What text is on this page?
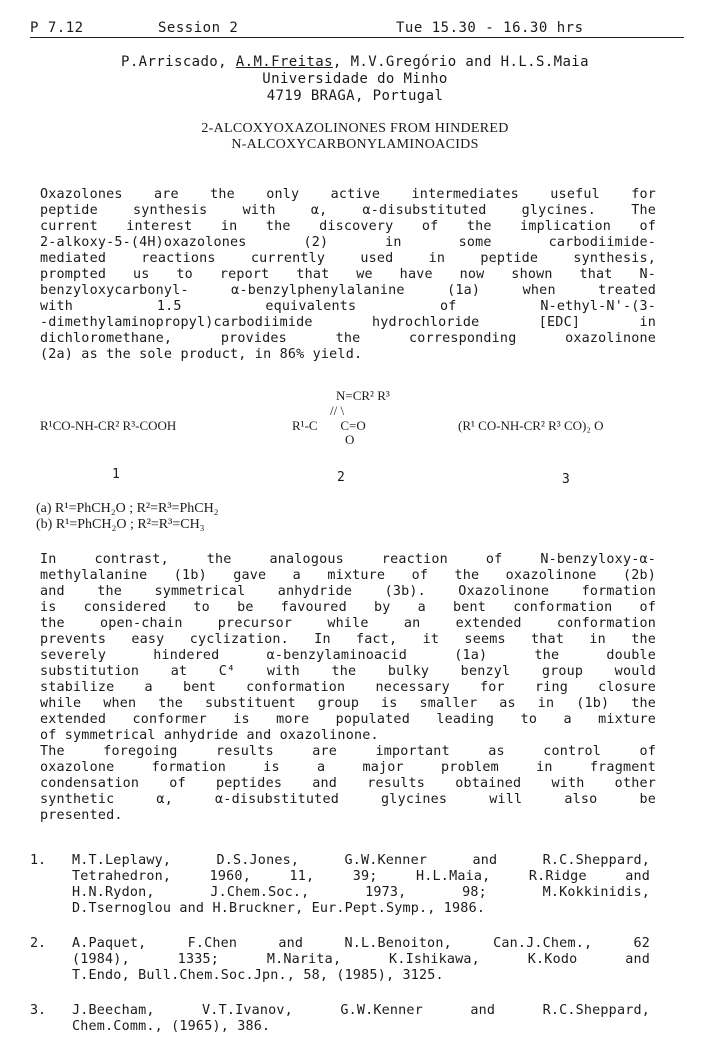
P 7.12	Session 2	Tue 15.30 - 16.30 hrs
P.Arriscado, A.M.Freitas, M.V.Gregório and H.L.S.Maia
Universidade do Minho
4719 BRAGA, Portugal
2-ALCOXYOXAZOLINONES FROM HINDERED
N-ALCOXYCARBONYLAMINOACIDS
Oxazolones are the only active intermediates useful for
peptide synthesis with α, α-disubstituted glycines. The
current interest in the discovery of the implication of
2-alkoxy-5-(4H)oxazolones (2) in some carbodiimide-
mediated reactions currently used in peptide synthesis,
prompted us to report that we have now shown that N-
benzyloxycarbonyl- α-benzylphenylalanine (1a) when treated
with 1.5 equivalents of N-ethyl-N'-(3-
-dimethylaminopropyl)carbodiimide hydrochloride [EDC] in
dichloromethane, provides the corresponding oxazolinone
(2a) as the sole product, in 86% yield.
R¹CO-NH-CR² R³-COOH
N=CR² R³
// \
R¹-C       C=O
O
(R¹ CO-NH-CR² R³ CO)₂ O
1	2	3
(a) R¹=PhCH₂O ; R²=R³=PhCH₂
(b) R¹=PhCH₂O ; R²=R³=CH₃
In contrast, the analogous reaction of N-benzyloxy-α-
methylalanine (1b) gave a mixture of the oxazolinone (2b)
and the symmetrical anhydride (3b). Oxazolinone formation
is considered to be favoured by a bent conformation of
the open-chain precursor while an extended conformation
prevents easy cyclization. In fact, it seems that in the
severely hindered α-benzylaminoacid (1a) the double
substitution at C⁴ with the bulky benzyl group would
stabilize a bent conformation necessary for ring closure
while when the substituent group is smaller as in (1b) the
extended conformer is more populated leading to a mixture
of symmetrical anhydride and oxazolinone.
The foregoing results are important as control of
oxazolone formation is a major problem in fragment
condensation of peptides and results obtained with other
synthetic α, α-disubstituted glycines will also be
presented.
1. M.T.Leplawy, D.S.Jones, G.W.Kenner and R.C.Sheppard,
Tetrahedron, 1960, 11, 39; H.L.Maia, R.Ridge and
H.N.Rydon, J.Chem.Soc., 1973, 98; M.Kokkinidis,
D.Tsernoglou and H.Bruckner, Eur.Pept.Symp., 1986.
2. A.Paquet, F.Chen and N.L.Benoiton, Can.J.Chem., 62
(1984), 1335; M.Narita, K.Ishikawa, K.Kodo and
T.Endo, Bull.Chem.Soc.Jpn., 58, (1985), 3125.
3. J.Beecham, V.T.Ivanov, G.W.Kenner and R.C.Sheppard,
Chem.Comm., (1965), 386.
